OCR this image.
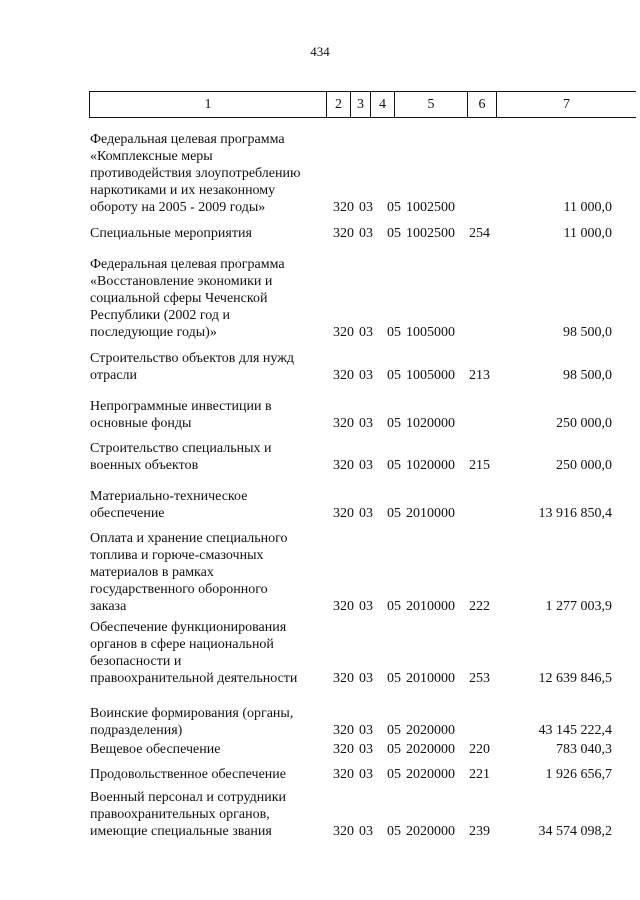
434
1	2	3	4	5	6	7
Федеральная целевая программа
«Комплексные меры
противодействия злоупотреблению
наркотиками и их незаконному
обороту на 2005 - 2009 годы»	320 03 05 1002500	11 000,0
Специальные мероприятия	320 03 05 1002500 254	11 000,0
Федеральная целевая программа
«Восстановление экономики и
социальной сферы Чеченской
Республики (2002 год и
последующие годы)»	320 03 05 1005000	98 500,0
Строительство объектов для нужд
отрасли	320 03 05 1005000 213	98 500,0
Непрограммные инвестиции в
основные фонды	320 03 05 1020000	250 000,0
Строительство специальных и
военных объектов	320 03 05 1020000 215	250 000,0
Материально-техническое
обеспечение	320 03 05 2010000	13 916 850,4
Оплата и хранение специального
топлива и горюче-смазочных
материалов в рамках
государственного оборонного
заказа	320 03 05 2010000 222	1 277 003,9
Обеспечение функционирования
органов в сфере национальной
безопасности и
правоохранительной деятельности	320 03 05 2010000 253	12 639 846,5
Воинские формирования (органы,
подразделения)	320 03 05 2020000	43 145 222,4
Вещевое обеспечение	320 03 05 2020000 220	783 040,3
Продовольственное обеспечение	320 03 05 2020000 221	1 926 656,7
Военный персонал и сотрудники
правоохранительных органов,
имеющие специальные звания	320 03 05 2020000 239	34 574 098,2
